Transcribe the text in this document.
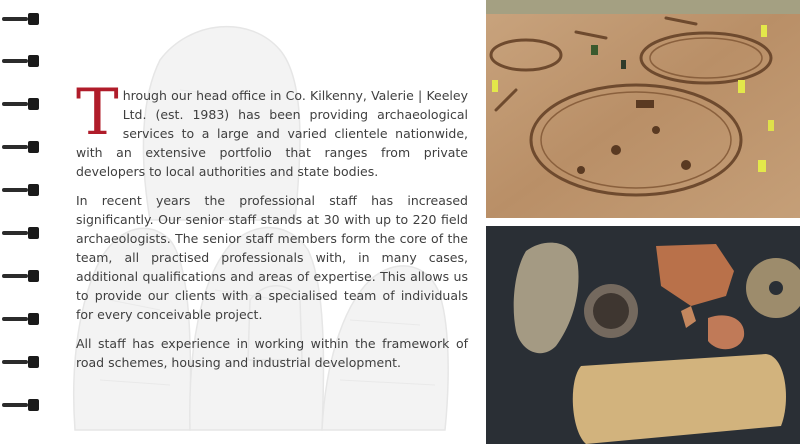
Through our head office in Co. Kilkenny, Valerie | Keeley Ltd. (est. 1983) has been providing archaeological services to a large and varied clientele nationwide, with an extensive portfolio that ranges from private developers to local authorities and state bodies.

In recent years the professional staff has increased significantly. Our senior staff stands at 30 with up to 220 field archaeologists. The senior staff members form the core of the team, all practised professionals with, in many cases, additional qualifications and areas of expertise. This allows us to provide our clients with a specialised team of individuals for every conceivable project.

All staff has experience in working within the framework of road schemes, housing and industrial development.
